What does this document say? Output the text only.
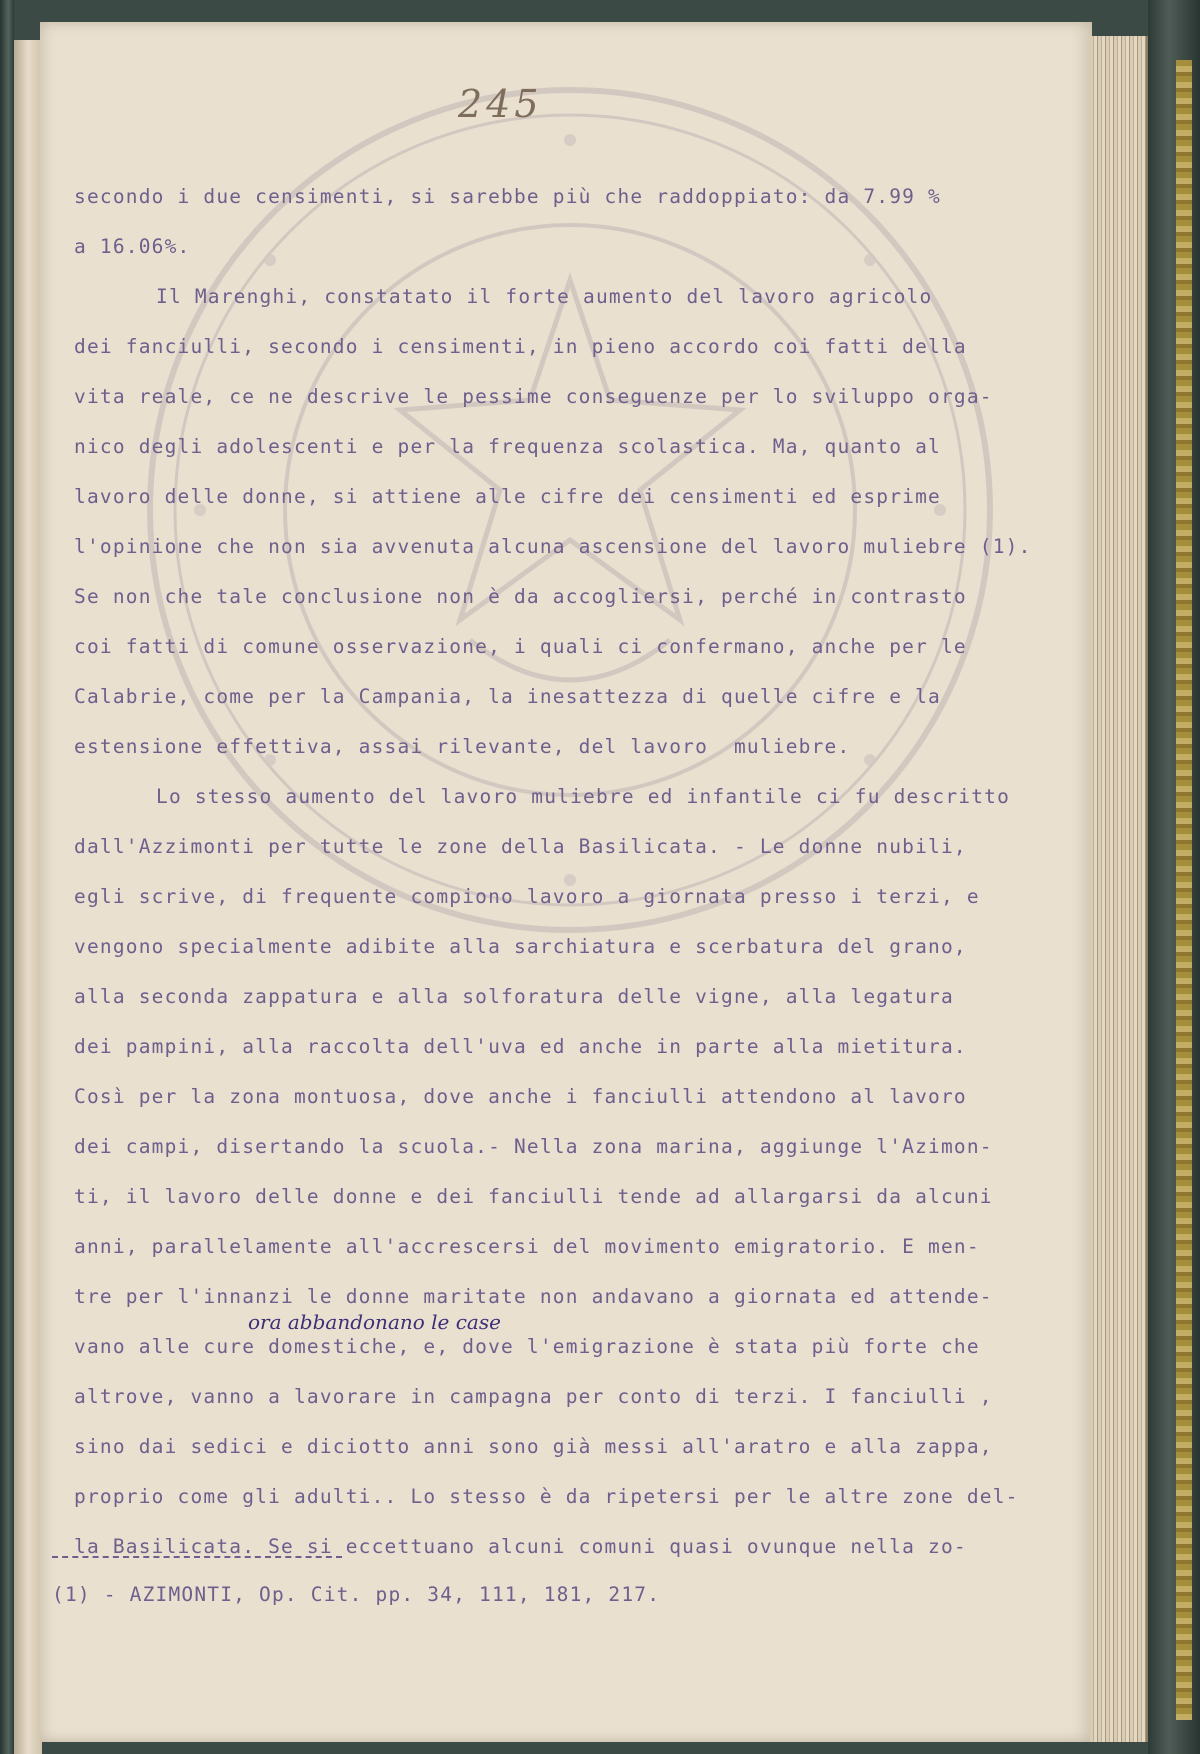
245
secondo i due censimenti, si sarebbe più che raddoppiato: da 7.99 %
a 16.06%.
Il Marenghi, constatato il forte aumento del lavoro agricolo
dei fanciulli, secondo i censimenti, in pieno accordo coi fatti della
vita reale, ce ne descrive le pessime conseguenze per lo sviluppo orga-
nico degli adolescenti e per la frequenza scolastica. Ma, quanto al
lavoro delle donne, si attiene alle cifre dei censimenti ed esprime
l'opinione che non sia avvenuta alcuna ascensione del lavoro muliebre (1).
Se non che tale conclusione non è da accogliersi, perché in contrasto
coi fatti di comune osservazione, i quali ci confermano, anche per le
Calabrie, come per la Campania, la inesattezza di quelle cifre e la
estensione effettiva, assai rilevante, del lavoro  muliebre.
Lo stesso aumento del lavoro muliebre ed infantile ci fu descritto
dall'Azzimonti per tutte le zone della Basilicata. - Le donne nubili,
egli scrive, di frequente compiono lavoro a giornata presso i terzi, e
vengono specialmente adibite alla sarchiatura e scerbatura del grano,
alla seconda zappatura e alla solforatura delle vigne, alla legatura
dei pampini, alla raccolta dell'uva ed anche in parte alla mietitura.
Così per la zona montuosa, dove anche i fanciulli attendono al lavoro
dei campi, disertando la scuola.- Nella zona marina, aggiunge l'Azimon-
ti, il lavoro delle donne e dei fanciulli tende ad allargarsi da alcuni
anni, parallelamente all'accrescersi del movimento emigratorio. E men-
tre per l'innanzi le donne maritate non andavano a giornata ed attende-
vano alle cure domestiche, e, dove l'emigrazione è stata più forte che
altrove, vanno a lavorare in campagna per conto di terzi. I fanciulli ,
sino dai sedici e diciotto anni sono già messi all'aratro e alla zappa,
proprio come gli adulti.. Lo stesso è da ripetersi per le altre zone del-
la Basilicata. Se si eccettuano alcuni comuni quasi ovunque nella zo-
ora abbandonano le case
(1) - AZIMONTI, Op. Cit. pp. 34, 111, 181, 217.
